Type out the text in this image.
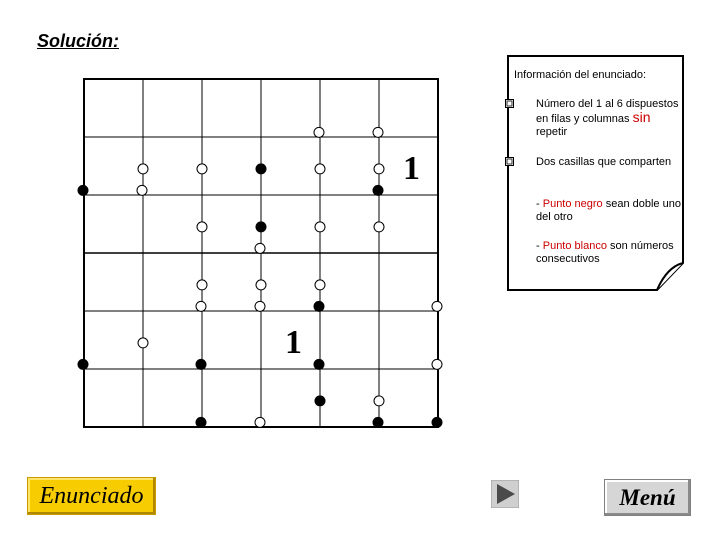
Solución:
1
1
Información del enunciado:
Número del 1 al 6 dispuestos en filas y columnas sin repetir
Dos casillas que comparten
- Punto negro sean doble uno del otro
- Punto blanco son números consecutivos
Enunciado	Menú
